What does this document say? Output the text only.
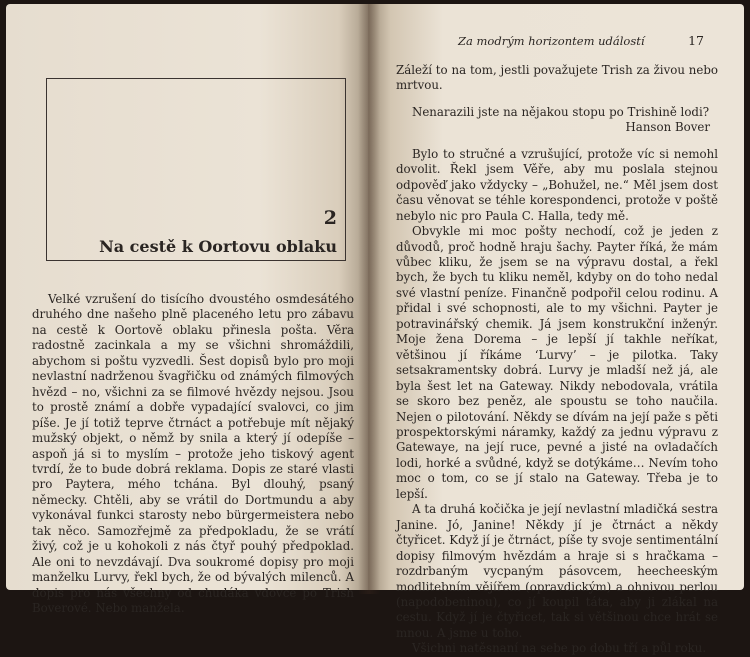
2
Na cestě k Oortovu oblaku

Velké vzrušení do tisícího dvoustého osmdesátého druhého dne našeho plně placeného letu pro zábavu na cestě k Oortově oblaku přinesla pošta. Věra radostně zacinkala a my se všichni shromáždili, abychom si poštu vyzvedli. Šest dopisů bylo pro moji nevlastní nadrženou švagřičku od známých filmových hvězd – no, všichni za se filmové hvězdy nejsou. Jsou to prostě známí a dobře vypadající svalovci, co jim píše. Je jí totiž teprve čtrnáct a potřebuje mít nějaký mužský objekt, o němž by snila a který jí odepíše – aspoň já si to myslím – protože jeho tiskový agent tvrdí, že to bude dobrá reklama. Dopis ze staré vlasti pro Paytera, mého tchána. Byl dlouhý, psaný německy. Chtěli, aby se vrátil do Dortmundu a aby vykonával funkci starosty nebo bürgermeistera nebo tak něco. Samozřejmě za předpokladu, že se vrátí živý, což je u kohokoli z nás čtyř pouhý předpoklad. Ale oni to nevzdávají. Dva soukromé dopisy pro moji manželku Lurvy, řekl bych, že od bývalých milenců. A dopis pro nás všechny od chudáka vdovce po Trish Boverové. Nebo manžela.

Za modrým horizontem událostí	17

Záleží to na tom, jestli považujete Trish za živou nebo mrtvou.

Nenarazili jste na nějakou stopu po Trishině lodi?

Hanson Bover

Bylo to stručné a vzrušující, protože víc si nemohl dovolit. Řekl jsem Věře, aby mu poslala stejnou odpověď jako vždycky – „Bohužel, ne.“ Měl jsem dost času věnovat se téhle korespondenci, protože v poště nebylo nic pro Paula C. Halla, tedy mě.

Obvykle mi moc pošty nechodí, což je jeden z důvodů, proč hodně hraju šachy. Payter říká, že mám vůbec kliku, že jsem se na výpravu dostal, a řekl bych, že bych tu kliku neměl, kdyby on do toho nedal své vlastní peníze. Finančně podpořil celou rodinu. A přidal i své schopnosti, ale to my všichni. Payter je potravinářský chemik. Já jsem konstrukční inženýr. Moje žena Dorema – je lepší jí takhle neříkat, většinou jí říkáme ‘Lurvy’ – je pilotka. Taky setsakramentsky dobrá. Lurvy je mladší než já, ale byla šest let na Gateway. Nikdy nebodovala, vrátila se skoro bez peněz, ale spoustu se toho naučila. Nejen o pilotování. Někdy se dívám na její paže s pěti prospektorskými náramky, každý za jednu výpravu z Gatewaye, na její ruce, pevné a jisté na ovladačích lodi, horké a svůdné, když se dotýkáme… Nevím toho moc o tom, co se jí stalo na Gateway. Třeba je to lepší.

A ta druhá kočička je její nevlastní mladičká sestra Janine. Jó, Janine! Někdy jí je čtrnáct a někdy čtyřicet. Když jí je čtrnáct, píše ty svoje sentimentální dopisy filmovým hvězdám a hraje si s hračkama – rozdrbaným vycpaným pásovcem, heecheeským modlitebním vějířem (opravdickým) a ohnivou perlou (napodobeninou), co jí koupil táta, aby ji zlákal na cestu. Když jí je čtyřicet, tak si většinou chce hrát se mnou. A jsme u toho.

Všichni natěsnaní na sebe po dobu tří a půl roku.
